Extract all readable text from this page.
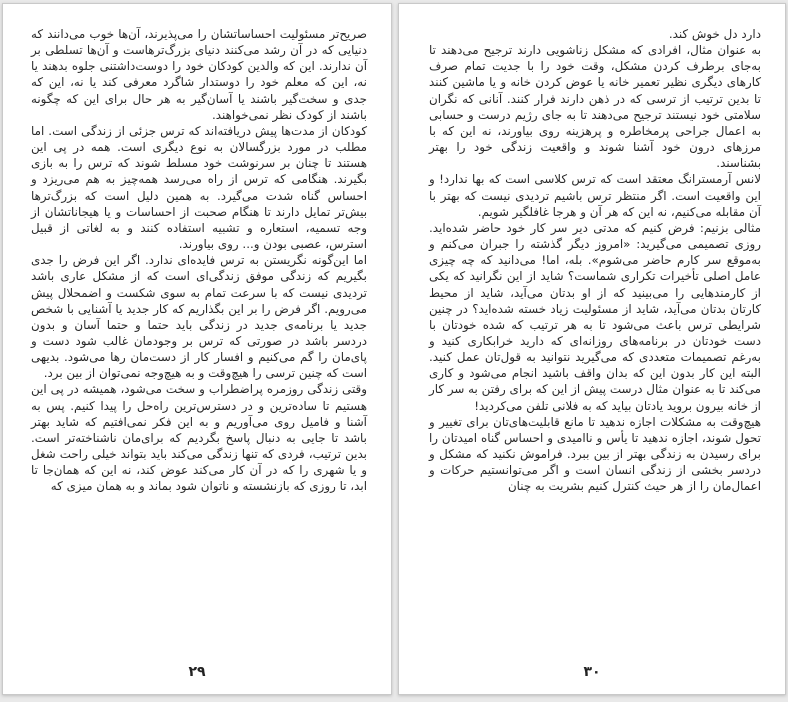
صریح‌تر مسئولیت احساساتشان را می‌پذیرند، آن‌ها خوب می‌دانند که دنیایی که در آن رشد می‌کنند دنیای بزرگ‌ترهاست و آن‌ها تسلطی بر آن ندارند. این که والدین کودکان خود را دوست‌داشتنی جلوه بدهند یا نه، این که معلم خود را دوستدار شاگرد معرفی کند یا نه، این که جدی و سخت‌گیر باشند یا آسان‌گیر به هر حال برای این که چگونه باشند از کودک نظر نمی‌خواهند.

کودکان از مدت‌ها پیش دریافته‌اند که ترس جزئی از زندگی است. اما مطلب در مورد بزرگسالان به نوع دیگری است. همه در پی این هستند تا چنان بر سرنوشت خود مسلط شوند که ترس را به بازی بگیرند. هنگامی که ترس از راه می‌رسد همه‌چیز به هم می‌ریزد و احساس گناه شدت می‌گیرد. به همین دلیل است که بزرگ‌ترها بیش‌تر تمایل دارند تا هنگام صحبت از احساسات و یا هیجاناتشان از وجه تسمیه، استعاره و تشبیه استفاده کنند و به لغاتی از قبیل استرس، عصبی بودن و... روی بیاورند.

اما این‌گونه نگریستن به ترس فایده‌ای ندارد. اگر این فرض را جدی بگیریم که زندگی موفق زندگی‌ای است که از مشکل عاری باشد تردیدی نیست که با سرعت تمام به سوی شکست و اضمحلال پیش می‌رویم. اگر فرض را بر این بگذاریم که کار جدید یا آشنایی با شخص جدید یا برنامه‌ی جدید در زندگی باید حتما و حتما آسان و بدون دردسر باشد در صورتی که ترس بر وجودمان غالب شود دست و پای‌مان را گم می‌کنیم و افسار کار از دست‌مان رها می‌شود. بدیهی است که چنین ترسی را هیچ‌وقت و به هیچ‌وجه نمی‌توان از بین برد.

وقتی زندگی روزمره پراضطراب و سخت می‌شود، همیشه در پی این هستیم تا ساده‌ترین و در دسترس‌ترین راه‌حل را پیدا کنیم. پس به آشنا و فامیل روی می‌آوریم و به این فکر نمی‌افتیم که شاید بهتر باشد تا جایی به دنبال پاسخ بگردیم که برای‌مان ناشناخته‌تر است. بدین ترتیب، فردی که تنها زندگی می‌کند باید بتواند خیلی راحت شغل و یا شهری را که در آن کار می‌کند عوض کند، نه این که همان‌جا تا ابد، تا روزی که بازنشسته و ناتوان شود بماند و به همان میزی که

۲۹

دارد دل خوش کند.

به عنوان مثال، افرادی که مشکل زناشویی دارند ترجیح می‌دهند تا به‌جای برطرف کردن مشکل، وقت خود را با جدیت تمام صرف کارهای دیگری نظیر تعمیر خانه یا عوض کردن خانه و یا ماشین کنند تا بدین ترتیب از ترسی که در ذهن دارند فرار کنند. آنانی که نگران سلامتی خود نیستند ترجیح می‌دهند تا به جای رژیم درست و حسابی به اعمال جراحی پرمخاطره و پرهزینه روی بیاورند، نه این که با مرزهای درون خود آشنا شوند و واقعیت زندگی خود را بهتر بشناسند.

لانس آرمسترانگ معتقد است که ترس کلاسی است که بها ندارد! و این واقعیت است. اگر منتظر ترس باشیم تردیدی نیست که بهتر با آن مقابله می‌کنیم، نه این که هر آن و هرجا غافلگیر شویم.

مثالی بزنیم: فرض کنیم که مدتی دیر سر کار خود حاضر شده‌اید. روزی تصمیمی می‌گیرید: «امروز دیگر گذشته را جبران می‌کنم و به‌موقع سر کارم حاضر می‌شوم». بله، اما! می‌دانید که چه چیزی عامل اصلی تأخیرات تکراری شماست؟ شاید از این نگرانید که یکی از کارمندهایی را می‌بینید که از او بدتان می‌آید، شاید از محیط کارتان بدتان می‌آید، شاید از مسئولیت زیاد خسته شده‌اید؟ در چنین شرایطی ترس باعث می‌شود تا به هر ترتیب که شده خودتان با دست خودتان در برنامه‌های روزانه‌ای که دارید خرابکاری کنید و به‌رغم تصمیمات متعددی که می‌گیرید نتوانید به قول‌تان عمل کنید. البته این کار بدون این که بدان واقف باشید انجام می‌شود و کاری می‌کند تا به عنوان مثال درست پیش از این که برای رفتن به سر کار از خانه بیرون بروید یادتان بیاید که به فلانی تلفن می‌کردید!

هیچ‌وقت به مشکلات اجازه ندهید تا مانع قابلیت‌های‌تان برای تغییر و تحول شوند، اجازه ندهید تا یأس و ناامیدی و احساس گناه امیدتان را برای رسیدن به زندگی بهتر از بین ببرد. فراموش نکنید که مشکل و دردسر بخشی از زندگی انسان است و اگر می‌توانستیم حرکات و اعمال‌مان را از هر حیث کنترل کنیم بشریت به چنان

۳۰
